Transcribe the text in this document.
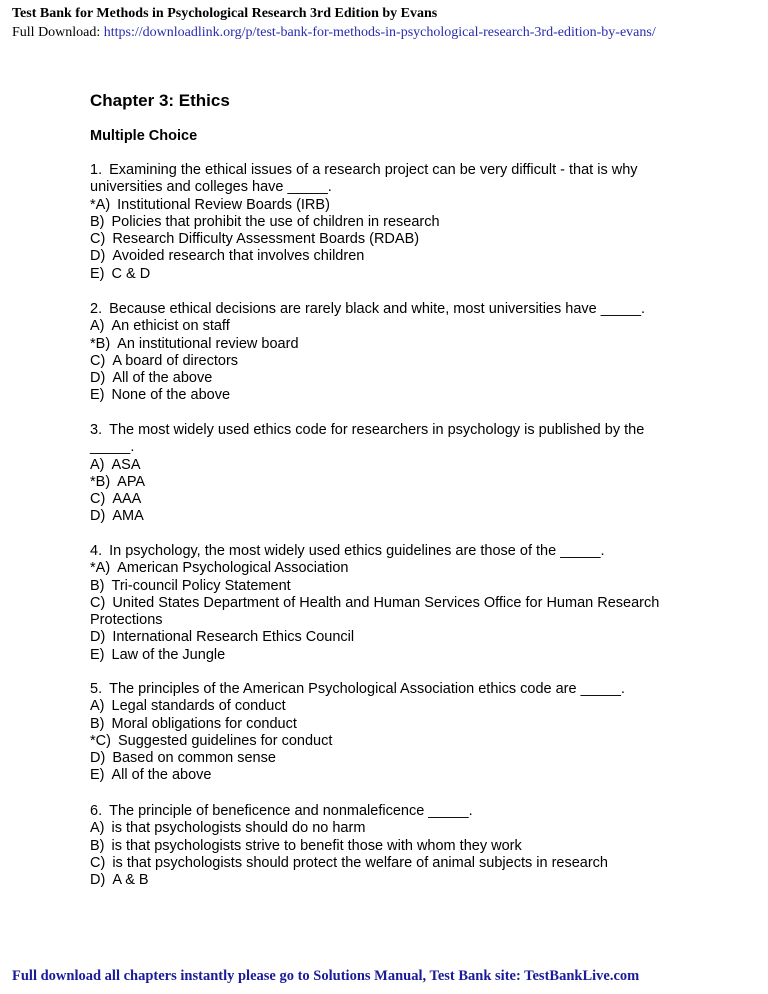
Test Bank for Methods in Psychological Research 3rd Edition by Evans
Full Download: https://downloadlink.org/p/test-bank-for-methods-in-psychological-research-3rd-edition-by-evans/
Chapter 3: Ethics
Multiple Choice
1. Examining the ethical issues of a research project can be very difficult - that is why universities and colleges have _____.
*A) Institutional Review Boards (IRB)
B) Policies that prohibit the use of children in research
C) Research Difficulty Assessment Boards (RDAB)
D) Avoided research that involves children
E) C & D
2. Because ethical decisions are rarely black and white, most universities have _____.
A) An ethicist on staff
*B) An institutional review board
C) A board of directors
D) All of the above
E) None of the above
3. The most widely used ethics code for researchers in psychology is published by the _____.
A) ASA
*B) APA
C) AAA
D) AMA
4. In psychology, the most widely used ethics guidelines are those of the _____.
*A) American Psychological Association
B) Tri-council Policy Statement
C) United States Department of Health and Human Services Office for Human Research Protections
D) International Research Ethics Council
E) Law of the Jungle
5. The principles of the American Psychological Association ethics code are _____.
A) Legal standards of conduct
B) Moral obligations for conduct
*C) Suggested guidelines for conduct
D) Based on common sense
E) All of the above
6. The principle of beneficence and nonmaleficence _____.
A) is that psychologists should do no harm
B) is that psychologists strive to benefit those with whom they work
C) is that psychologists should protect the welfare of animal subjects in research
D) A & B
Full download all chapters instantly please go to Solutions Manual, Test Bank site: TestBankLive.com
